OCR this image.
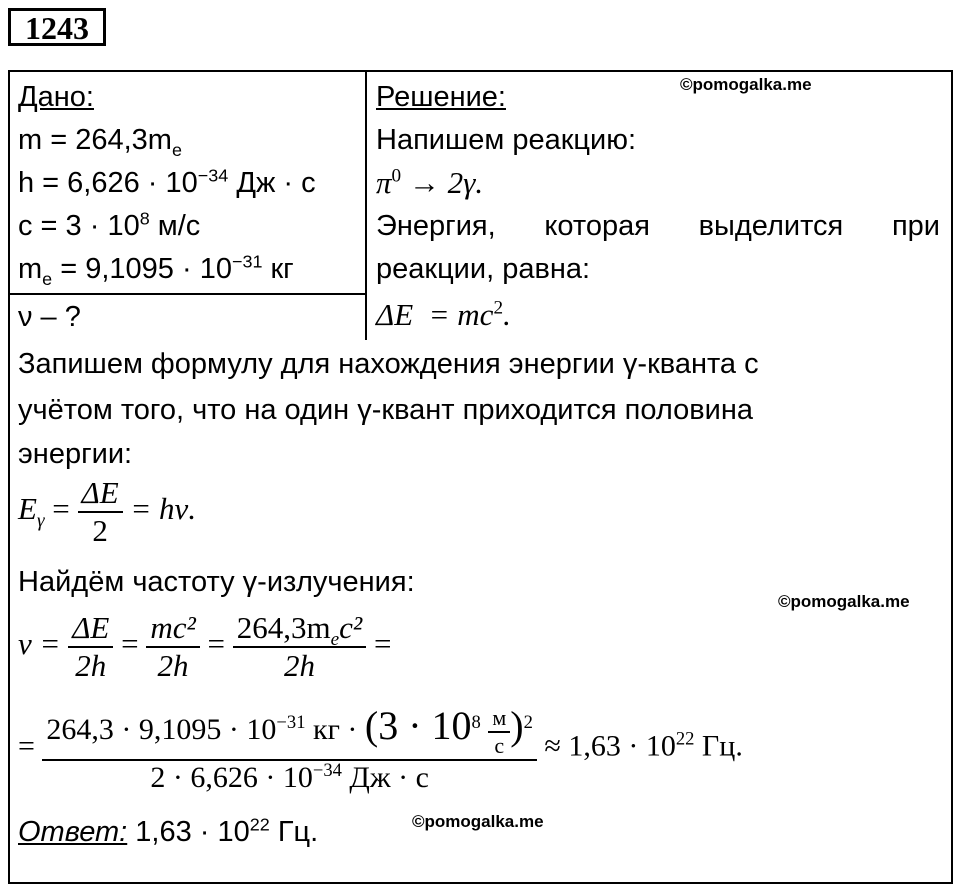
1243
©pomogalka.me
©pomogalka.me
©pomogalka.me
Дано:
$m = 264,3m_e$
$h = 6,626 \cdot 10^{-34}$ Дж · с
$c = 3 \cdot 10^8$ м/с
$m_e = 9,1095 \cdot 10^{-31}$ кг
ν – ?
Решение:
Напишем реакцию:
$\pi^0 \to 2\gamma$.
Энергия, которая выделится при
реакции, равна:
$\Delta E = mc^2$.
Запишем формулу для нахождения энергии γ-кванта с
учётом того, что на один γ-квант приходится половина
энергии:
$E_\gamma = \frac{\Delta E}{2} = h\nu$.
Найдём частоту γ-излучения:
$\nu = \frac{\Delta E}{2h} = \frac{\text{mc²}}{2h} = \frac{264,3m_ec^2}{2h}$ =
= $\frac{264,3 \cdot 9,1095 \cdot 10^{-31} кг \cdot (3 \cdot 10^8 \frac{м}{с} )^2}{2 \cdot 6,626 \cdot 10^{-34} Дж \cdot с} \approx 1,63 \cdot 10^{22}$ Гц.
Ответ: $1,63 \cdot 10^{22}$ Гц.
